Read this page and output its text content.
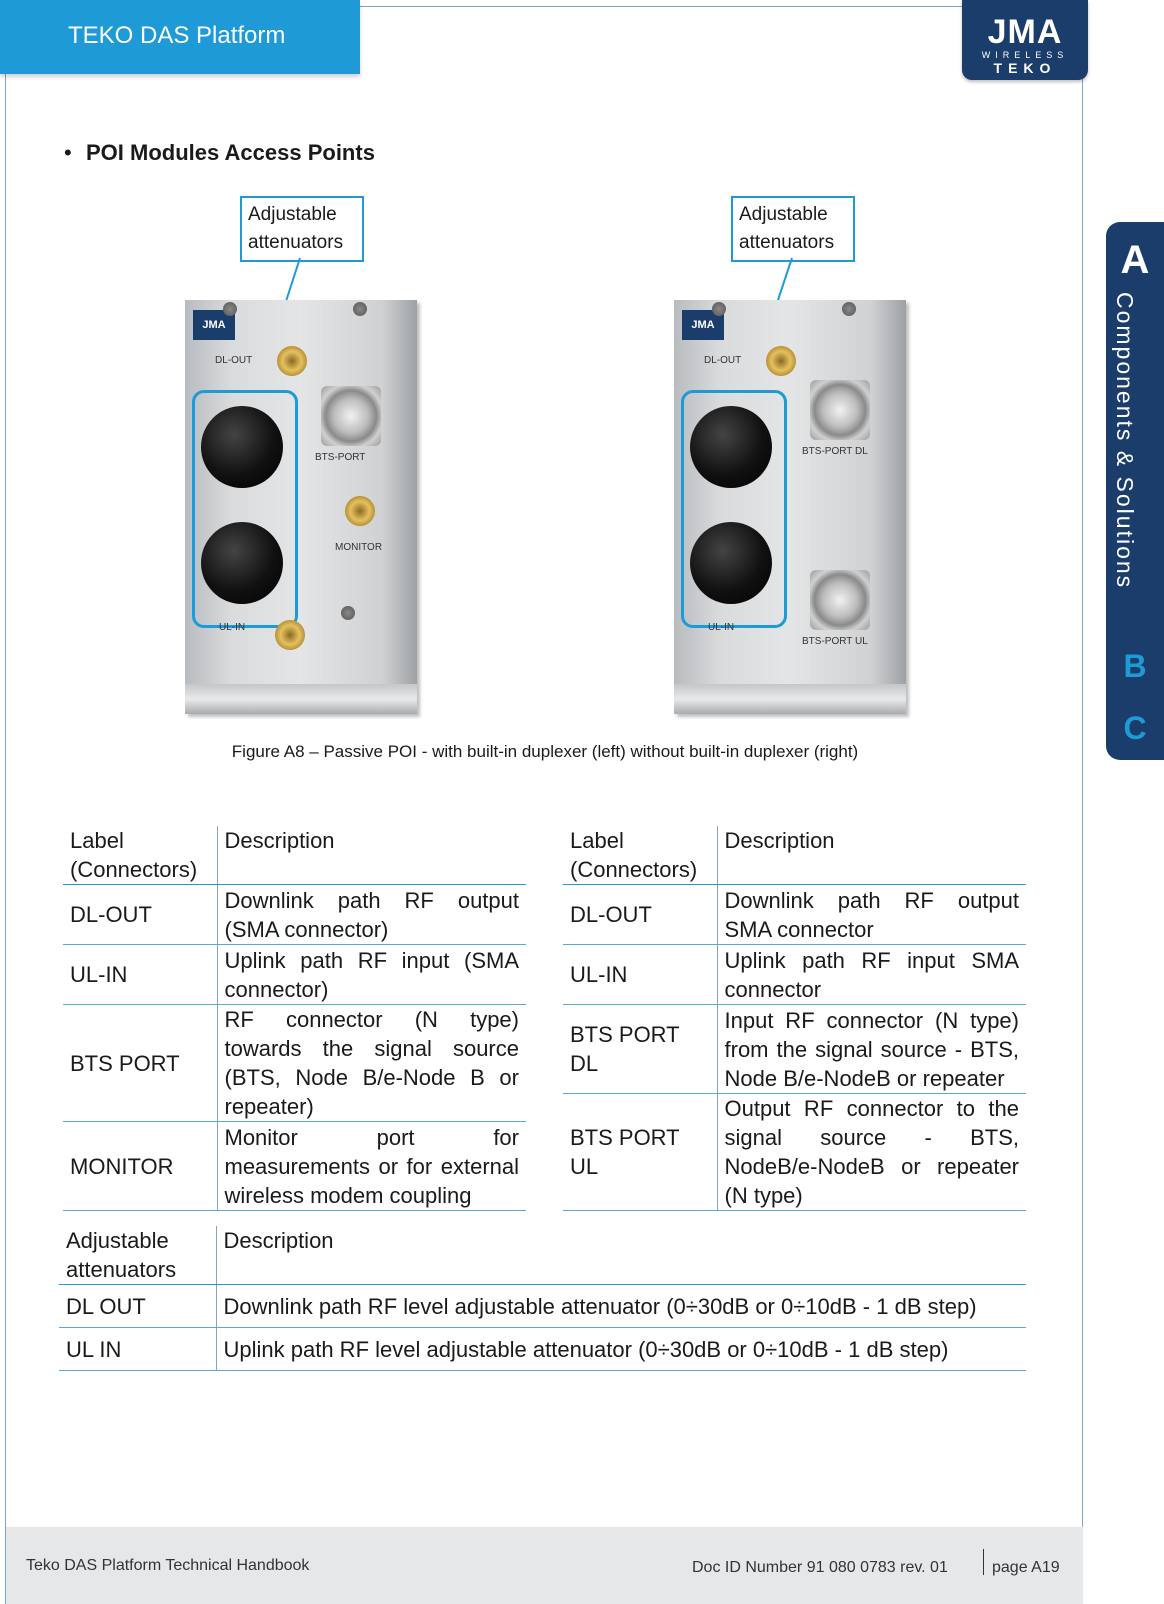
TEKO DAS Platform	JMA
WIRELESS
TEKO
A
Components & Solutions
B
C
• POI Modules Access Points
Adjustable
attenuators
Adjustable
attenuators
JMA
DL-OUT
BTS-PORT
MONITOR
UL-IN
JMA
DL-OUT
BTS-PORT DL
BTS-PORT UL
UL-IN
Figure A8 – Passive POI - with built-in duplexer (left) without built-in duplexer (right)
Label
(Connectors)	Description
DL-OUT	Downlink path RF output (SMA connector)
UL-IN	Uplink path RF input (SMA connector)
BTS PORT	RF connector (N type) towards the signal source (BTS, Node B/e-Node B or repeater)
MONITOR	Monitor port for measurements or for external wireless modem coupling
Label
(Connectors)	Description
DL-OUT	Downlink path RF output SMA connector
UL-IN	Uplink path RF input SMA connector
BTS PORT DL	Input RF connector (N type) from the signal source - BTS, Node B/e-NodeB or repeater
BTS PORT UL	Output RF connector to the signal source - BTS, NodeB/e-NodeB or repeater (N type)
Adjustable
attenuators	Description
DL OUT	Downlink path RF level adjustable attenuator (0÷30dB or 0÷10dB - 1 dB step)
UL IN	Uplink path RF level adjustable attenuator (0÷30dB or 0÷10dB - 1 dB step)
Teko DAS Platform Technical Handbook	Doc ID Number 91 080 0783 rev. 01	page A19
